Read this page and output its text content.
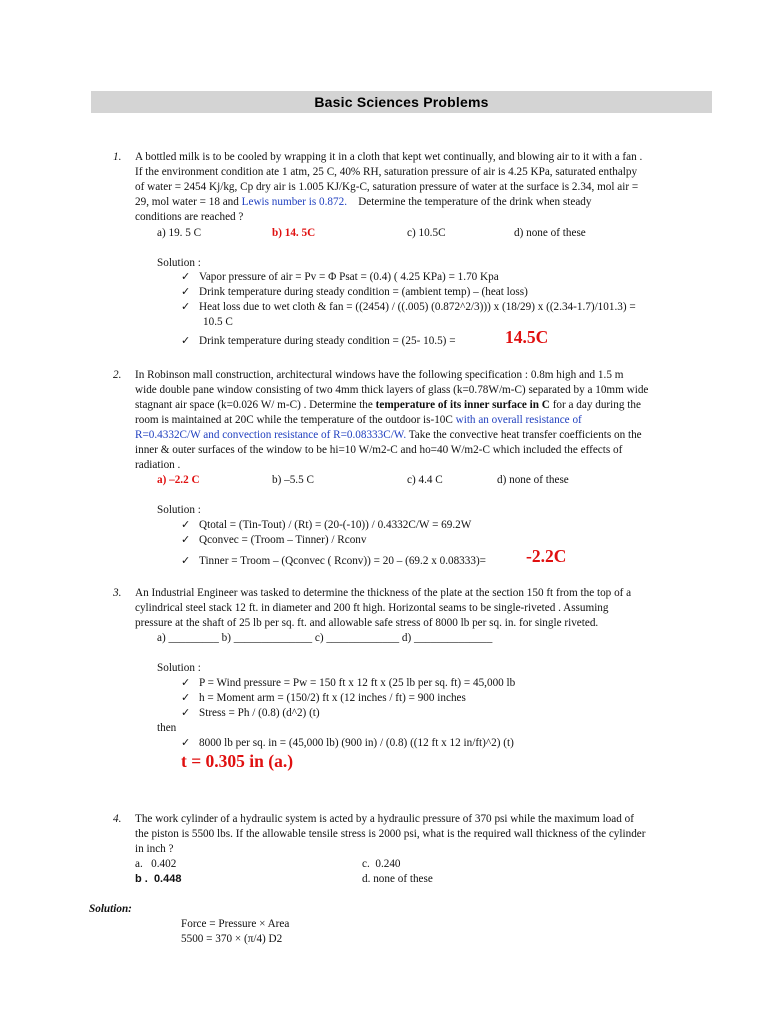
Basic Sciences Problems
1.	A bottled milk is to be cooled by wrapping it in a cloth that kept wet continually, and blowing air to it with a fan .
If the environment condition ate 1 atm, 25 C, 40% RH, saturation pressure of air is 4.25 KPa, saturated enthalpy
of water = 2454 Kj/kg, Cp dry air is 1.005 KJ/Kg-C, saturation pressure of water at the surface is 2.34, mol air =
29, mol water = 18 and Lewis number is 0.872.    Determine the temperature of the drink when steady
conditions are reached ?
a) 19. 5 C	b) 14. 5C	c) 10.5C	d) none of these
Solution :
✓ Vapor pressure of air = Pv = Φ Psat = (0.4) ( 4.25 KPa) = 1.70 Kpa
✓ Drink temperature during steady condition = (ambient temp) – (heat loss)
✓ Heat loss due to wet cloth & fan = ((2454) / ((.005) (0.872^2/3))) x (18/29) x ((2.34-1.7)/101.3) =
10.5 C
✓ Drink temperature during steady condition = (25- 10.5) =	14.5C
2.	In Robinson mall construction, architectural windows have the following specification : 0.8m high and 1.5 m
wide double pane window consisting of two 4mm thick layers of glass (k=0.78W/m-C) separated by a 10mm wide
stagnant air space (k=0.026 W/ m-C) . Determine the temperature of its inner surface in C for a day during the
room is maintained at 20C while the temperature of the outdoor is-10C with an overall resistance of
R=0.4332C/W and convection resistance of R=0.08333C/W. Take the convective heat transfer coefficients on the
inner & outer surfaces of the window to be hi=10 W/m2-C and ho=40 W/m2-C which included the effects of
radiation .
a) –2.2 C	b) –5.5 C	c) 4.4 C	d) none of these
Solution :
✓ Qtotal = (Tin-Tout) / (Rt) = (20-(-10)) / 0.4332C/W = 69.2W
✓ Qconvec = (Troom – Tinner) / Rconv
✓ Tinner = Troom – (Qconvec ( Rconv)) = 20 – (69.2 x 0.08333)= -2.2C
3.	An Industrial Engineer was tasked to determine the thickness of the plate at the section 150 ft from the top of a
cylindrical steel stack 12 ft. in diameter and 200 ft high. Horizontal seams to be single-riveted . Assuming
pressure at the shaft of 25 lb per sq. ft. and allowable safe stress of 8000 lb per sq. in. for single riveted.
a) _________ b) ______________ c) _____________ d) ______________
Solution :
✓ P = Wind pressure = Pw = 150 ft x 12 ft x (25 lb per sq. ft) = 45,000 lb
✓ h = Moment arm = (150/2) ft x (12 inches / ft) = 900 inches
✓ Stress = Ph / (0.8) (d^2) (t)
then
✓ 8000 lb per sq. in = (45,000 lb) (900 in) / (0.8) ((12 ft x 12 in/ft)^2) (t)
t = 0.305 in (a.)
4.	The work cylinder of a hydraulic system is acted by a hydraulic pressure of 370 psi while the maximum load of
the piston is 5500 lbs. If the allowable tensile stress is 2000 psi, what is the required wall thickness of the cylinder
in inch ?
a.   0.402	c.  0.240
b .  0.448	d. none of these
Solution:
Force = Pressure × Area
5500 = 370 × (π/4) D2
